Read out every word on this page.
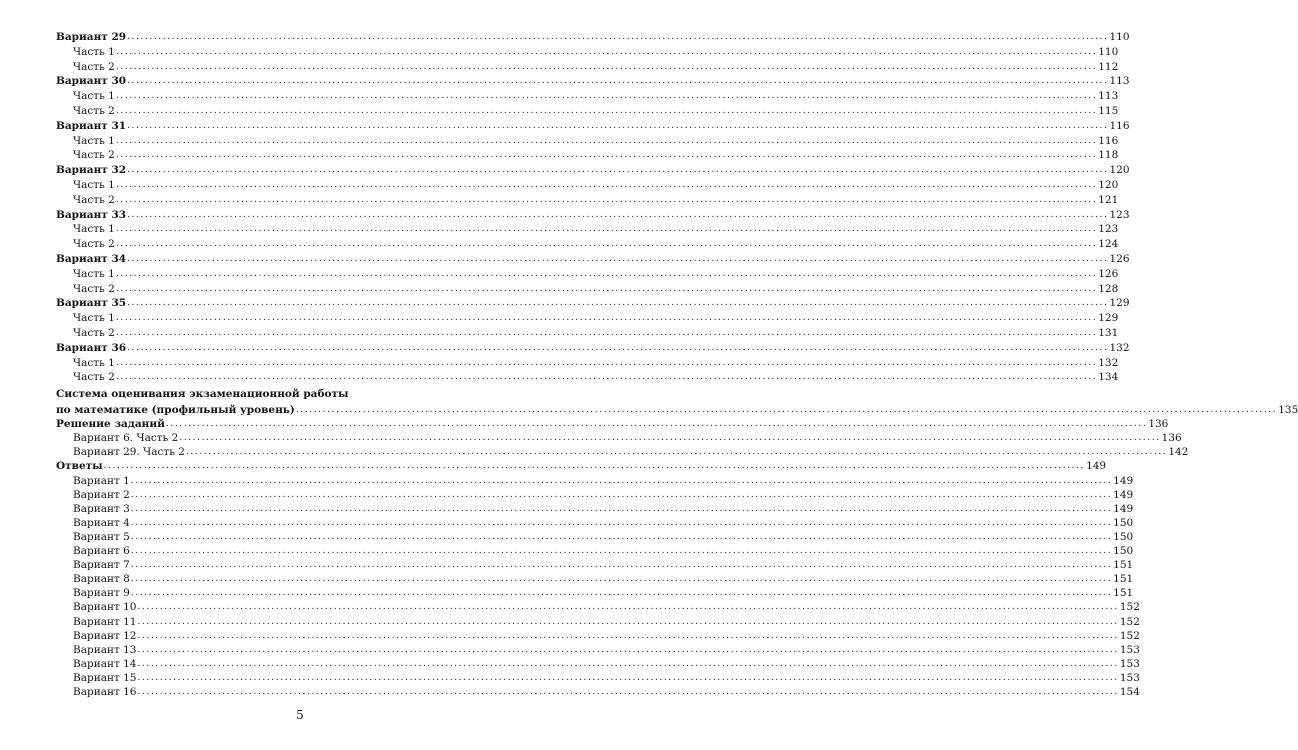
Система оценивания экзаменационной работы
Вариант 29 ............................................................................................................................................................................................................................ 110
Часть 1 ............................................................................................................................................................................................................................ 110
Часть 2 ............................................................................................................................................................................................................................ 112
Вариант 30 ............................................................................................................................................................................................................................ 113
Часть 1 ............................................................................................................................................................................................................................ 113
Часть 2 ............................................................................................................................................................................................................................ 115
Вариант 31 ............................................................................................................................................................................................................................ 116
Часть 1 ............................................................................................................................................................................................................................ 116
Часть 2 ............................................................................................................................................................................................................................ 118
Вариант 32 ............................................................................................................................................................................................................................ 120
Часть 1 ............................................................................................................................................................................................................................ 120
Часть 2 ............................................................................................................................................................................................................................ 121
Вариант 33 ............................................................................................................................................................................................................................ 123
Часть 1 ............................................................................................................................................................................................................................ 123
Часть 2 ............................................................................................................................................................................................................................ 124
Вариант 34 ............................................................................................................................................................................................................................ 126
Часть 1 ............................................................................................................................................................................................................................ 126
Часть 2 ............................................................................................................................................................................................................................ 128
Вариант 35 ............................................................................................................................................................................................................................ 129
Часть 1 ............................................................................................................................................................................................................................ 129
Часть 2 ............................................................................................................................................................................................................................ 131
Вариант 36 ............................................................................................................................................................................................................................ 132
Часть 1 ............................................................................................................................................................................................................................ 132
Часть 2 ............................................................................................................................................................................................................................ 134
по математике (профильный уровень) ............................................................................................................................................................................................................................ 135
Решение заданий ............................................................................................................................................................................................................................ 136
Вариант 6. Часть 2 ............................................................................................................................................................................................................................ 136
Вариант 29. Часть 2 ............................................................................................................................................................................................................................ 142
Ответы ............................................................................................................................................................................................................................ 149
Вариант 1 ............................................................................................................................................................................................................................ 149
Вариант 2 ............................................................................................................................................................................................................................ 149
Вариант 3 ............................................................................................................................................................................................................................ 149
Вариант 4 ............................................................................................................................................................................................................................ 150
Вариант 5 ............................................................................................................................................................................................................................ 150
Вариант 6 ............................................................................................................................................................................................................................ 150
Вариант 7 ............................................................................................................................................................................................................................ 151
Вариант 8 ............................................................................................................................................................................................................................ 151
Вариант 9 ............................................................................................................................................................................................................................ 151
Вариант 10 ............................................................................................................................................................................................................................ 152
Вариант 11 ............................................................................................................................................................................................................................ 152
Вариант 12 ............................................................................................................................................................................................................................ 152
Вариант 13 ............................................................................................................................................................................................................................ 153
Вариант 14 ............................................................................................................................................................................................................................ 153
Вариант 15 ............................................................................................................................................................................................................................ 153
Вариант 16 ............................................................................................................................................................................................................................ 154
5
